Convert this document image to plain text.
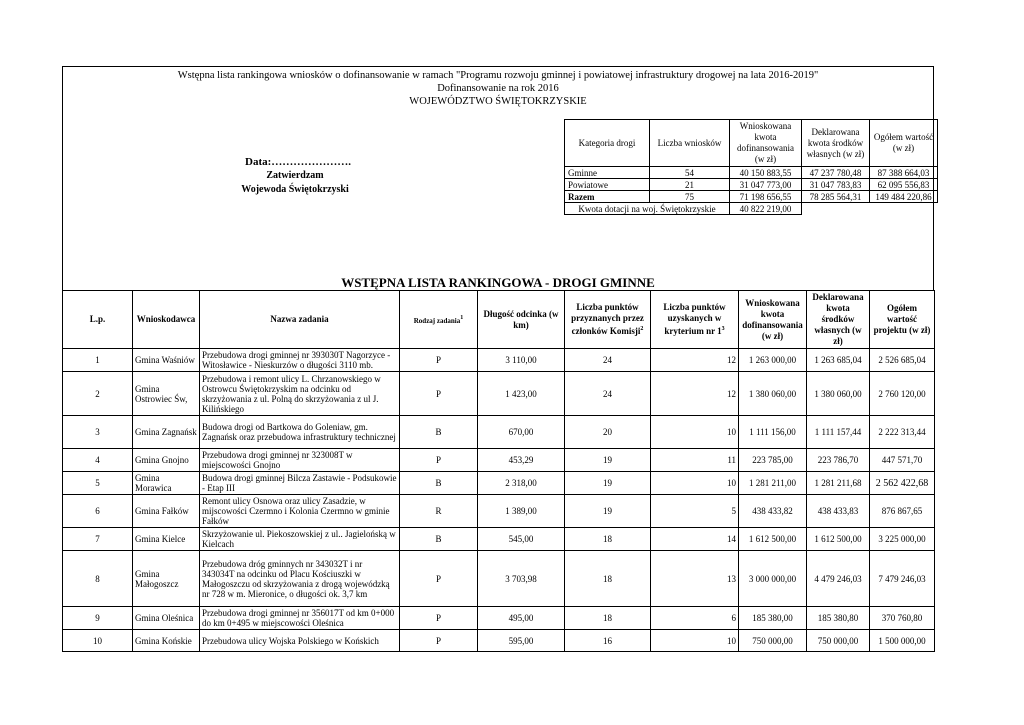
Wstępna lista rankingowa wniosków o dofinansowanie w ramach "Programu rozwoju gminnej i powiatowej infrastruktury drogowej na lata 2016-2019"
Dofinansowanie na rok 2016
WOJEWÓDZTWO ŚWIĘTOKRZYSKIE
Data:………………….
Zatwierdzam
Wojewoda Świętokrzyski
Kategoria drogi	Liczba wniosków	Wnioskowana kwota dofinansowania (w zł)	Deklarowana kwota środków własnych (w zł)	Ogółem wartość (w zł)
Gminne	54	40 150 883,55	47 237 780,48	87 388 664,03
Powiatowe	21	31 047 773,00	31 047 783,83	62 095 556,83
Razem	75	71 198 656,55	78 285 564,31	149 484 220,86
Kwota dotacji na woj. Świętokrzyskie		40 822 219,00		
WSTĘPNA LISTA RANKINGOWA - DROGI GMINNE
L.p.	Wnioskodawca	Nazwa zadania	Rodzaj zadania$^1$	Długość odcinka (w km)	Liczba punktów przyznanych przez członków Komisji$^2$	Liczba punktów uzyskanych w kryterium nr $1^3$	Wnioskowana kwota dofinansowania (w zł)	Deklarowana kwota środków własnych (w zł)	Ogółem wartość projektu (w zł)
1	Gmina Waśniów	Przebudowa drogi gminnej nr 393030T Nagorzyce - Witosławice - Nieskurzów o długości 3110 mb.	P	3 110,00	24	12	1 263 000,00	1 263 685,04	2 526 685,04
2	Gmina Ostrowiec Św,	Przebudowa i remont ulicy L. Chrzanowskiego w Ostrowcu Świętokrzyskim na odcinku od skrzyżowania z ul. Polną do skrzyżowania z ul J. Kilińskiego	P	1 423,00	24	12	1 380 060,00	1 380 060,00	2 760 120,00
3	Gmina Zagnańsk	Budowa drogi od Bartkowa do Goleniaw, gm. Zagnańsk oraz przebudowa infrastruktury technicznej	B	670,00	20	10	1 111 156,00	1 111 157,44	2 222 313,44
4	Gmina Gnojno	Przebudowa drogi gminnej nr 323008T w miejscowości Gnojno	P	453,29	19	11	223 785,00	223 786,70	447 571,70
5	Gmina Morawica	Budowa drogi gminnej Bilcza Zastawie - Podsukowie - Etap III	B	2 318,00	19	10	1 281 211,00	1 281 211,68	2 562 422,68
6	Gmina Fałków	Remont ulicy Osnowa oraz ulicy Zasadzie, w mijscowości Czermno i Kolonia Czermno w gminie Fałków	R	1 389,00	19	5	438 433,82	438 433,83	876 867,65
7	Gmina Kielce	Skrzyżowanie ul. Piekoszowskiej z ul.. Jagielońską w Kielcach	B	545,00	18	14	1 612 500,00	1 612 500,00	3 225 000,00
8	Gmina Małogoszcz	Przebudowa dróg gminnych nr 343032T i nr 343034T na odcinku od Placu Kościuszki w Małogoszczu od skrzyżowania z drogą wojewódzką nr 728 w m. Mieronice, o długości ok. 3,7 km	P	3 703,98	18	13	3 000 000,00	4 479 246,03	7 479 246,03
9	Gmina Oleśnica	Przebudowa drogi gminnej nr 356017T od km 0+000 do km 0+495 w miejscowości Oleśnica	P	495,00	18	6	185 380,00	185 380,80	370 760,80
10	Gmina Końskie	Przebudowa ulicy Wojska Polskiego w Końskich	P	595,00	16	10	750 000,00	750 000,00	1 500 000,00
